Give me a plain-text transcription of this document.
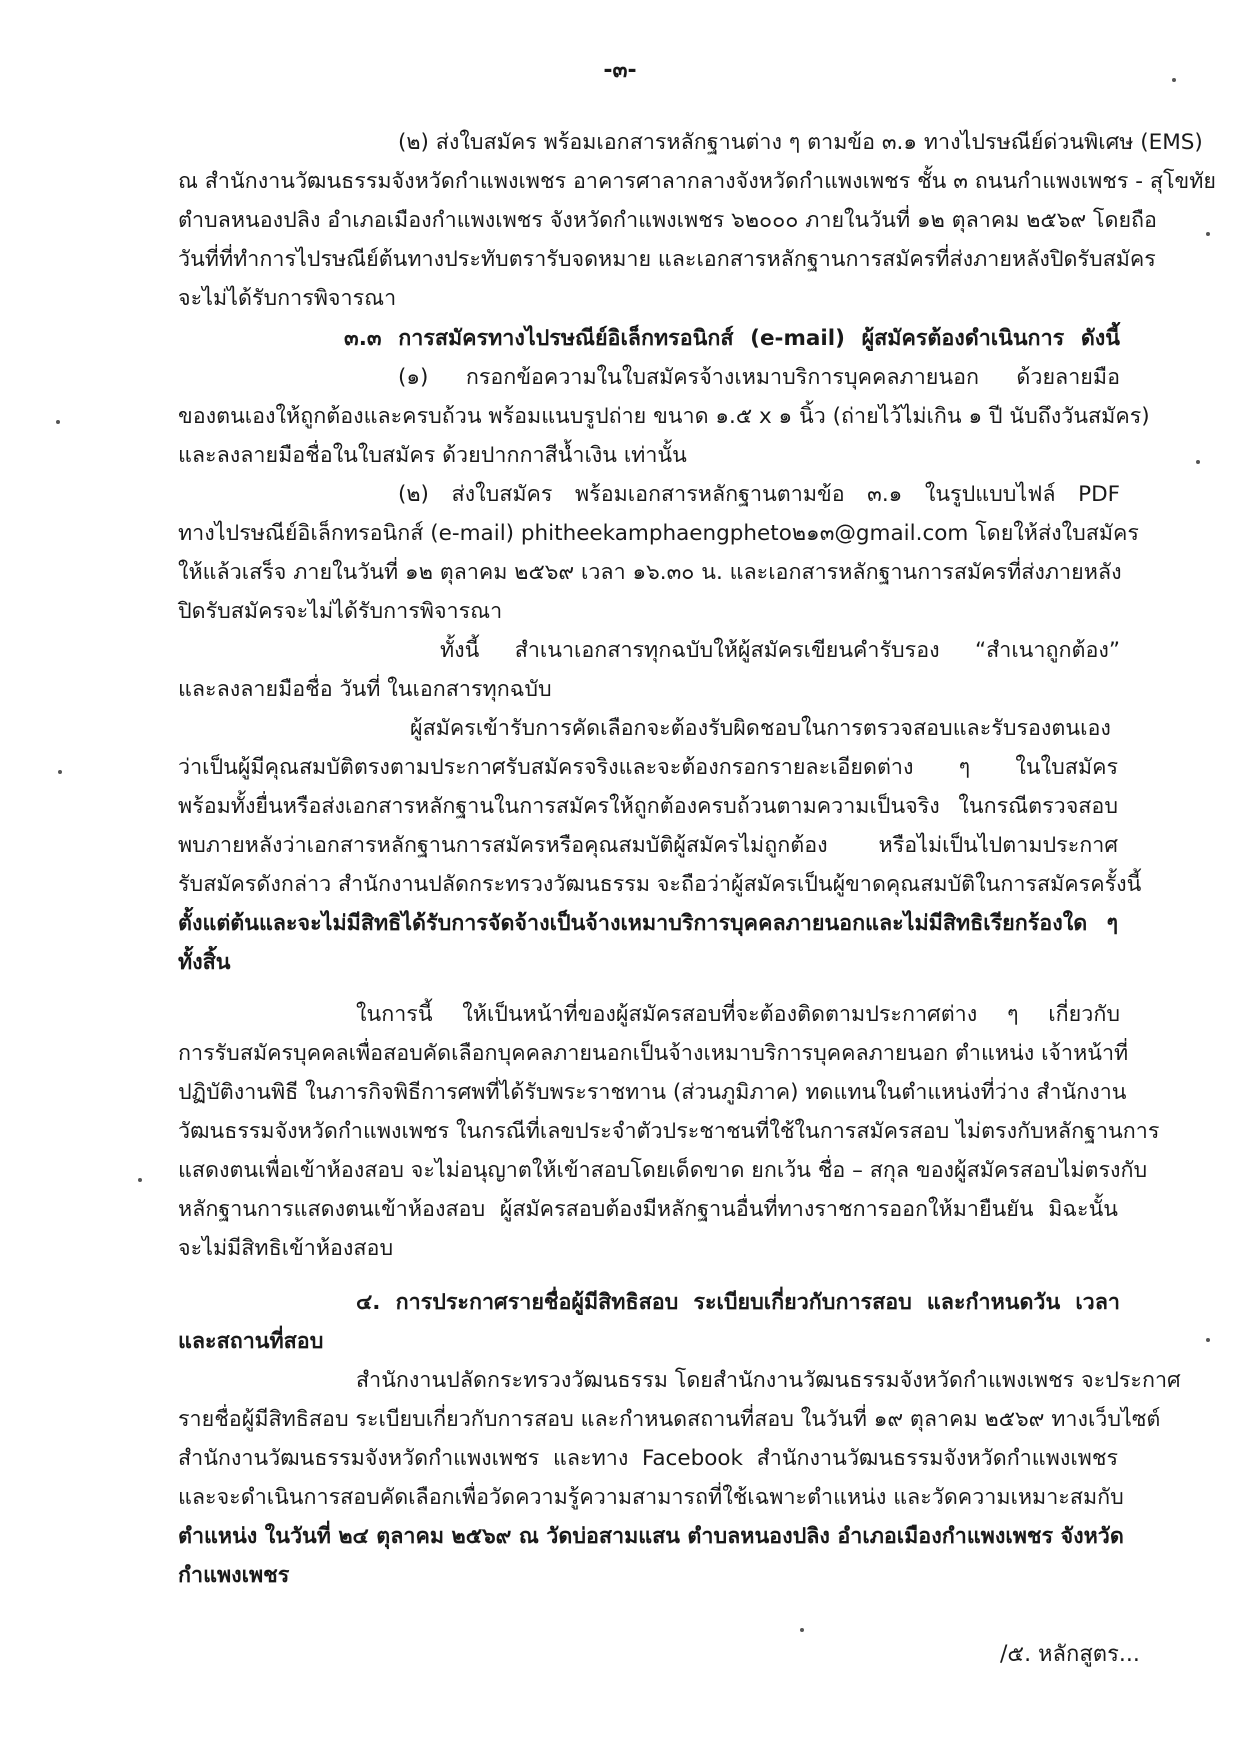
-๓-
(๒) ส่งใบสมัคร พร้อมเอกสารหลักฐานต่าง ๆ ตามข้อ ๓.๑ ทางไปรษณีย์ด่วนพิเศษ (EMS)
ณ สำนักงานวัฒนธรรมจังหวัดกำแพงเพชร อาคารศาลากลางจังหวัดกำแพงเพชร ชั้น ๓ ถนนกำแพงเพชร - สุโขทัย
ตำบลหนองปลิง อำเภอเมืองกำแพงเพชร จังหวัดกำแพงเพชร ๖๒๐๐๐ ภายในวันที่ ๑๒ ตุลาคม ๒๕๖๙ โดยถือ
วันที่ที่ทำการไปรษณีย์ต้นทางประทับตรารับจดหมาย และเอกสารหลักฐานการสมัครที่ส่งภายหลังปิดรับสมัคร
จะไม่ได้รับการพิจารณา
๓.๓ การสมัครทางไปรษณีย์อิเล็กทรอนิกส์ (e-mail) ผู้สมัครต้องดำเนินการ ดังนี้
(๑) กรอกข้อความในใบสมัครจ้างเหมาบริการบุคคลภายนอก ด้วยลายมือ
ของตนเองให้ถูกต้องและครบถ้วน พร้อมแนบรูปถ่าย ขนาด ๑.๕ x ๑ นิ้ว (ถ่ายไว้ไม่เกิน ๑ ปี นับถึงวันสมัคร)
และลงลายมือชื่อในใบสมัคร ด้วยปากกาสีน้ำเงิน เท่านั้น
(๒) ส่งใบสมัคร พร้อมเอกสารหลักฐานตามข้อ ๓.๑ ในรูปแบบไฟล์ PDF
ทางไปรษณีย์อิเล็กทรอนิกส์ (e-mail) phitheekamphaengpheto๒๑๓@gmail.com โดยให้ส่งใบสมัคร
ให้แล้วเสร็จ ภายในวันที่ ๑๒ ตุลาคม ๒๕๖๙ เวลา ๑๖.๓๐ น. และเอกสารหลักฐานการสมัครที่ส่งภายหลัง
ปิดรับสมัครจะไม่ได้รับการพิจารณา
ทั้งนี้ สำเนาเอกสารทุกฉบับให้ผู้สมัครเขียนคำรับรอง “สำเนาถูกต้อง”
และลงลายมือชื่อ วันที่ ในเอกสารทุกฉบับ
ผู้สมัครเข้ารับการคัดเลือกจะต้องรับผิดชอบในการตรวจสอบและรับรองตนเอง
ว่าเป็นผู้มีคุณสมบัติตรงตามประกาศรับสมัครจริงและจะต้องกรอกรายละเอียดต่าง ๆ ในใบสมัคร
พร้อมทั้งยื่นหรือส่งเอกสารหลักฐานในการสมัครให้ถูกต้องครบถ้วนตามความเป็นจริง ในกรณีตรวจสอบ
พบภายหลังว่าเอกสารหลักฐานการสมัครหรือคุณสมบัติผู้สมัครไม่ถูกต้อง หรือไม่เป็นไปตามประกาศ
รับสมัครดังกล่าว สำนักงานปลัดกระทรวงวัฒนธรรม จะถือว่าผู้สมัครเป็นผู้ขาดคุณสมบัติในการสมัครครั้งนี้
ตั้งแต่ต้นและจะไม่มีสิทธิได้รับการจัดจ้างเป็นจ้างเหมาบริการบุคคลภายนอกและไม่มีสิทธิเรียกร้องใด ๆ
ทั้งสิ้น
ในการนี้ ให้เป็นหน้าที่ของผู้สมัครสอบที่จะต้องติดตามประกาศต่าง ๆ เกี่ยวกับ
การรับสมัครบุคคลเพื่อสอบคัดเลือกบุคคลภายนอกเป็นจ้างเหมาบริการบุคคลภายนอก ตำแหน่ง เจ้าหน้าที่
ปฏิบัติงานพิธี ในภารกิจพิธีการศพที่ได้รับพระราชทาน (ส่วนภูมิภาค) ทดแทนในตำแหน่งที่ว่าง สำนักงาน
วัฒนธรรมจังหวัดกำแพงเพชร ในกรณีที่เลขประจำตัวประชาชนที่ใช้ในการสมัครสอบ ไม่ตรงกับหลักฐานการ
แสดงตนเพื่อเข้าห้องสอบ จะไม่อนุญาตให้เข้าสอบโดยเด็ดขาด ยกเว้น ชื่อ – สกุล ของผู้สมัครสอบไม่ตรงกับ
หลักฐานการแสดงตนเข้าห้องสอบ ผู้สมัครสอบต้องมีหลักฐานอื่นที่ทางราชการออกให้มายืนยัน มิฉะนั้น
จะไม่มีสิทธิเข้าห้องสอบ
๔. การประกาศรายชื่อผู้มีสิทธิสอบ ระเบียบเกี่ยวกับการสอบ และกำหนดวัน เวลา
และสถานที่สอบ
สำนักงานปลัดกระทรวงวัฒนธรรม โดยสำนักงานวัฒนธรรมจังหวัดกำแพงเพชร จะประกาศ
รายชื่อผู้มีสิทธิสอบ ระเบียบเกี่ยวกับการสอบ และกำหนดสถานที่สอบ ในวันที่ ๑๙ ตุลาคม ๒๕๖๙ ทางเว็บไซต์
สำนักงานวัฒนธรรมจังหวัดกำแพงเพชร และทาง Facebook สำนักงานวัฒนธรรมจังหวัดกำแพงเพชร
และจะดำเนินการสอบคัดเลือกเพื่อวัดความรู้ความสามารถที่ใช้เฉพาะตำแหน่ง และวัดความเหมาะสมกับ
ตำแหน่ง ในวันที่ ๒๔ ตุลาคม ๒๕๖๙ ณ วัดบ่อสามแสน ตำบลหนองปลิง อำเภอเมืองกำแพงเพชร จังหวัด
กำแพงเพชร
/๕. หลักสูตร...
